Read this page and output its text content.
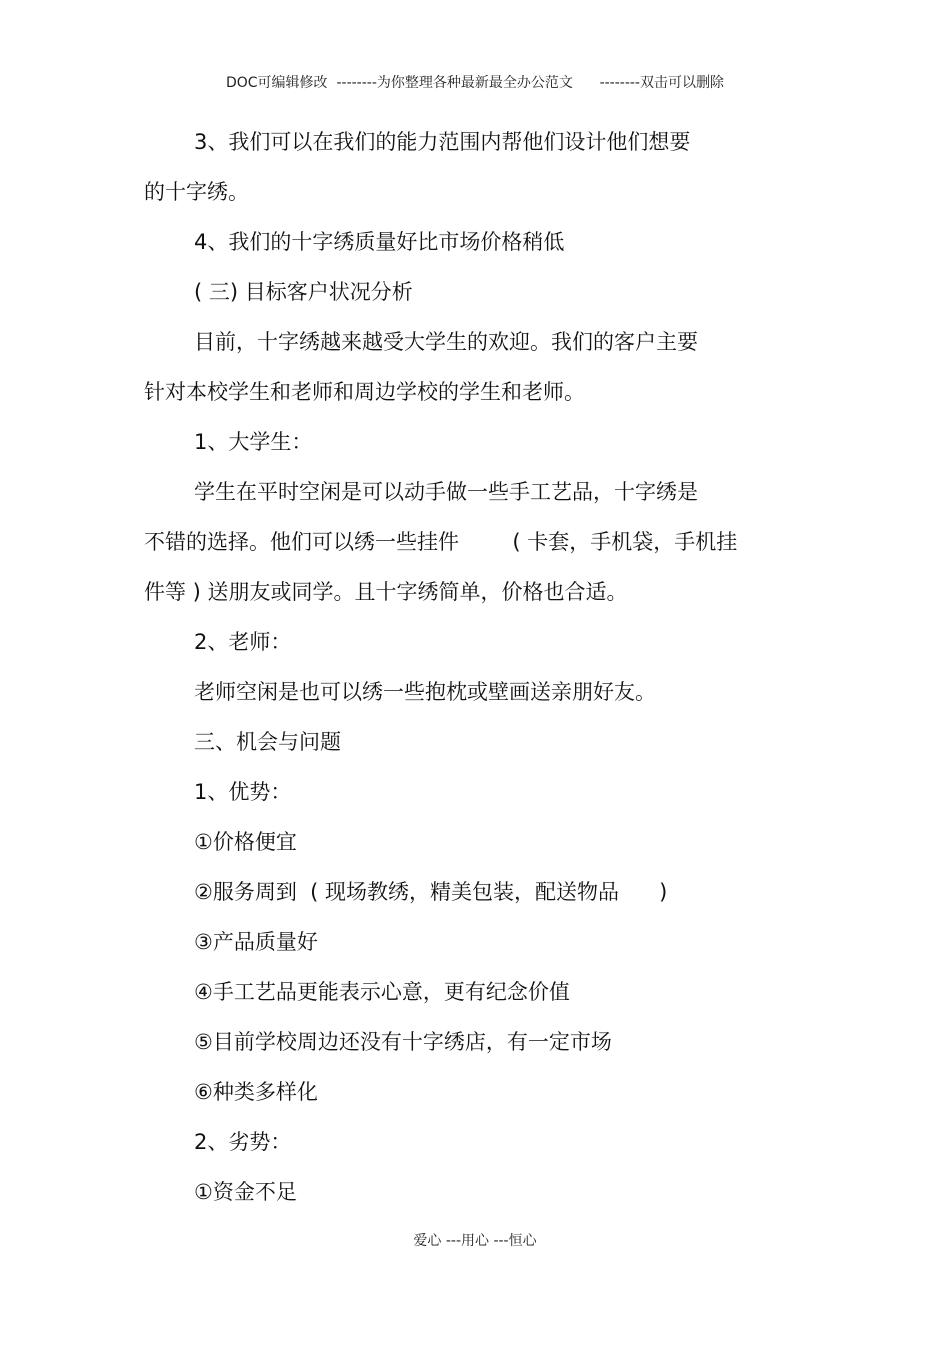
DOC可编辑修改  --------为你整理各种最新最全办公范文      --------双击可以删除
3、我们可以在我们的能力范围内帮他们设计他们想要
的十字绣。
4、我们的十字绣质量好比市场价格稍低
( 三) 目标客户状况分析
目前，十字绣越来越受大学生的欢迎。我们的客户主要
针对本校学生和老师和周边学校的学生和老师。
1、大学生：
学生在平时空闲是可以动手做一些手工艺品，十字绣是
不错的选择。他们可以绣一些挂件        ( 卡套，手机袋，手机挂
件等 ) 送朋友或同学。且十字绣简单，价格也合适。
2、老师：
老师空闲是也可以绣一些抱枕或壁画送亲朋好友。
三、机会与问题
1、优势：
①价格便宜
②服务周到  ( 现场教绣，精美包装，配送物品      )
③产品质量好
④手工艺品更能表示心意，更有纪念价值
⑤目前学校周边还没有十字绣店，有一定市场
⑥种类多样化
2、劣势：
①资金不足
爱心 ---用心 ---恒心
